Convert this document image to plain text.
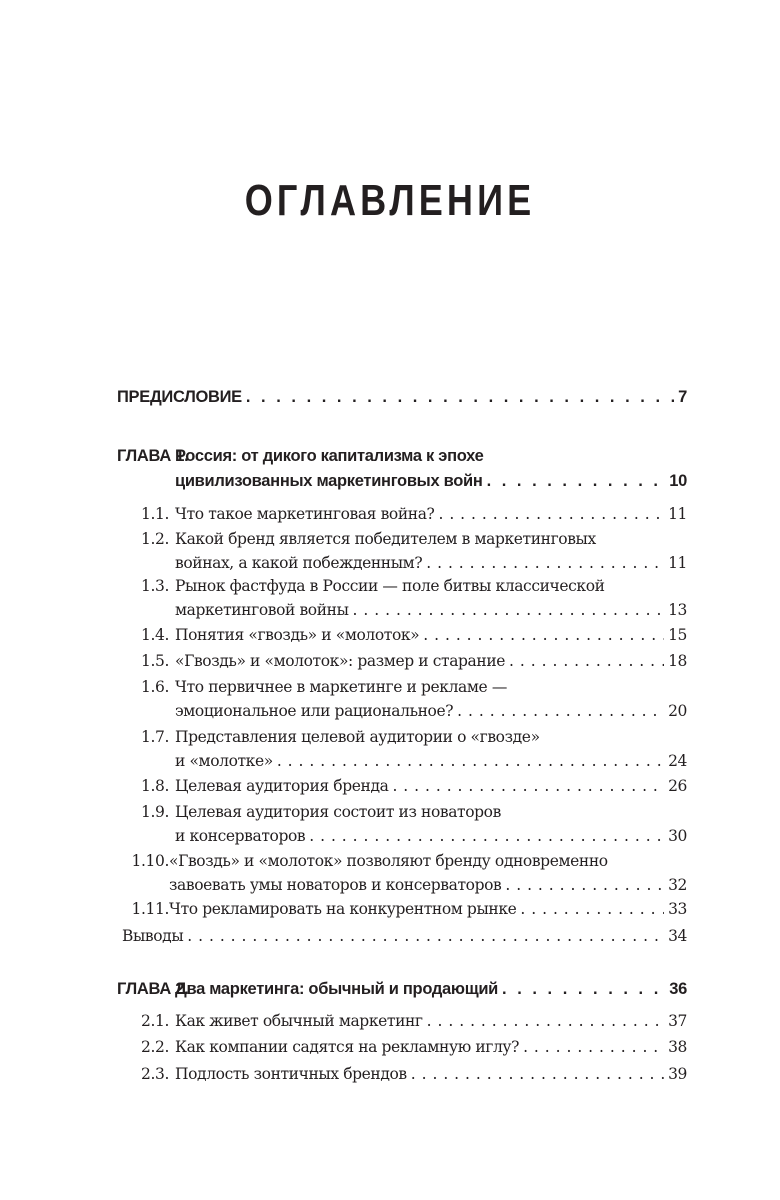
ОГЛАВЛЕНИЕ
ПРЕДИСЛОВИЕ . . .	7
ГЛАВА 1.
Россия: от дикого капитализма к эпохе
цивилизованных маркетинговых войн . . .	10
1.1. Что такое маркетинговая война? . . .	11
1.2. Какой бренд является победителем в маркетинговых
войнах, а какой побежденным? . . .	11
1.3. Рынок фастфуда в России — поле битвы классической
маркетинговой войны . . .	13
1.4. Понятия «гвоздь» и «молоток» . . .	15
1.5. «Гвоздь» и «молоток»: размер и старание . . .	18
1.6. Что первичнее в маркетинге и рекламе —
эмоциональное или рациональное? . . .	20
1.7. Представления целевой аудитории о «гвозде»
и «молотке» . . .	24
1.8. Целевая аудитория бренда . . .	26
1.9. Целевая аудитория состоит из новаторов
и консерваторов . . .	30
1.10. «Гвоздь» и «молоток» позволяют бренду одновременно
завоевать умы новаторов и консерваторов . . .	32
1.11. Что рекламировать на конкурентном рынке . . .	33
Выводы . . .	34
ГЛАВА 2.
Два маркетинга: обычный и продающий . . .	36
2.1. Как живет обычный маркетинг . . .	37
2.2. Как компании садятся на рекламную иглу? . . .	38
2.3. Подлость зонтичных брендов . . .	39
